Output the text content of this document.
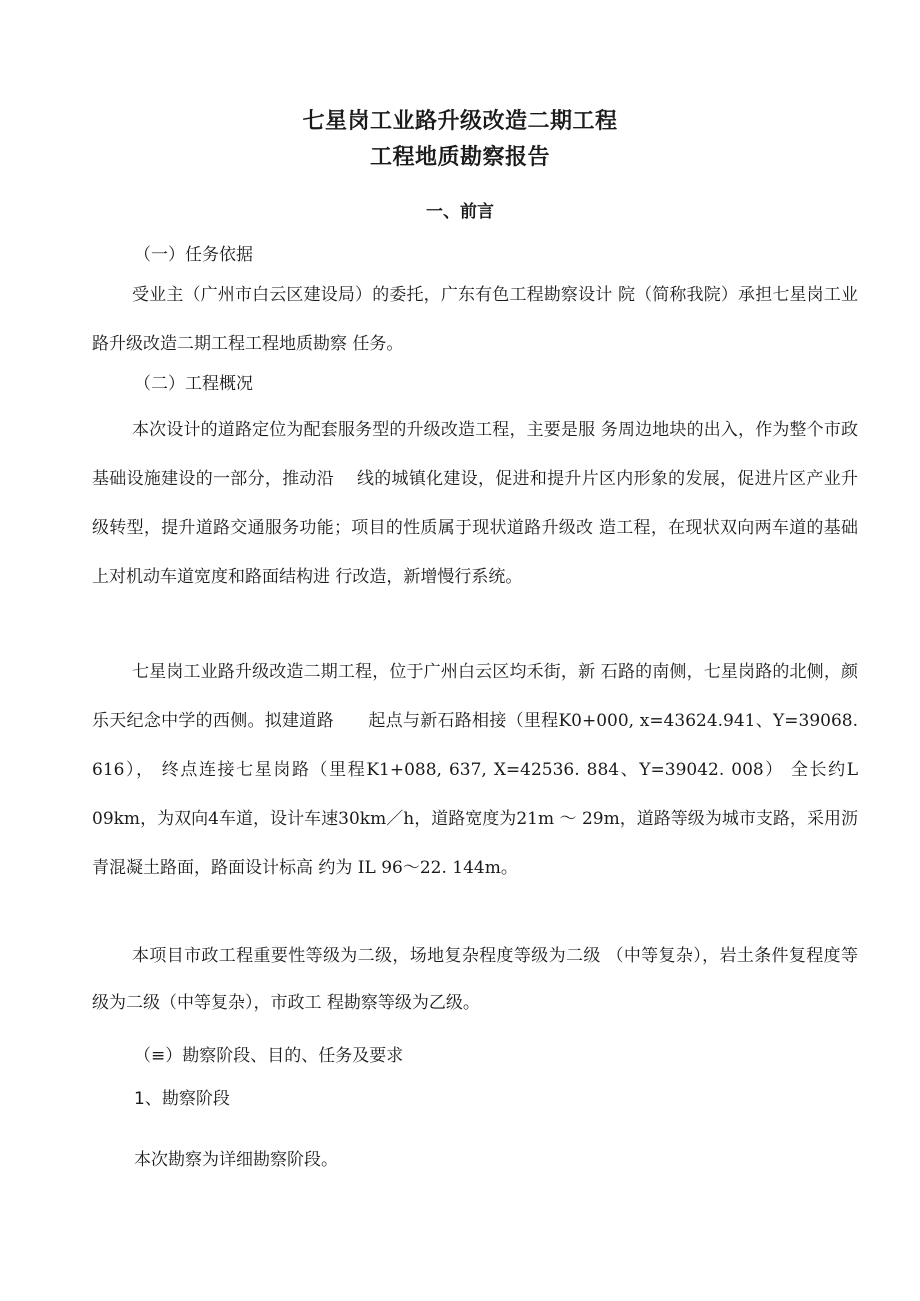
七星岗工业路升级改造二期工程
工程地质勘察报告
一、前言

（一）任务依据

受业主（广州市白云区建设局）的委托，广东有色工程勘察设计 院（简称我院）承担七星岗工业路升级改造二期工程工程地质勘察 任务。

（二）工程概况

本次设计的道路定位为配套服务型的升级改造工程，主要是服 务周边地块的出入，作为整个市政基础设施建设的一部分，推动沿　 线的城镇化建设，促进和提升片区内形象的发展，促进片区产业升　 级转型，提升道路交通服务功能；项目的性质属于现状道路升级改 造工程，在现状双向两车道的基础上对机动车道宽度和路面结构进 行改造，新增慢行系统。

七星岗工业路升级改造二期工程，位于广州白云区均禾街，新 石路的南侧，七星岗路的北侧，颜乐天纪念中学的西侧。拟建道路　　起点与新石路相接（里程K0+000, x=43624.941、Y=39068. 616）， 终点连接七星岗路（里程K1+088, 637, X=42536. 884、Y=39042. 008） 全长约L 09km，为双向4车道，设计车速30km／h，道路宽度为21m ～ 29m，道路等级为城市支路，采用沥青混凝土路面，路面设计标高 约为 IL 96～22. 144m。

本项目市政工程重要性等级为二级，场地复杂程度等级为二级 （中等复杂），岩土条件复程度等级为二级（中等复杂），市政工 程勘察等级为乙级。

（≡）勘察阶段、目的、任务及要求

1、勘察阶段

本次勘察为详细勘察阶段。
